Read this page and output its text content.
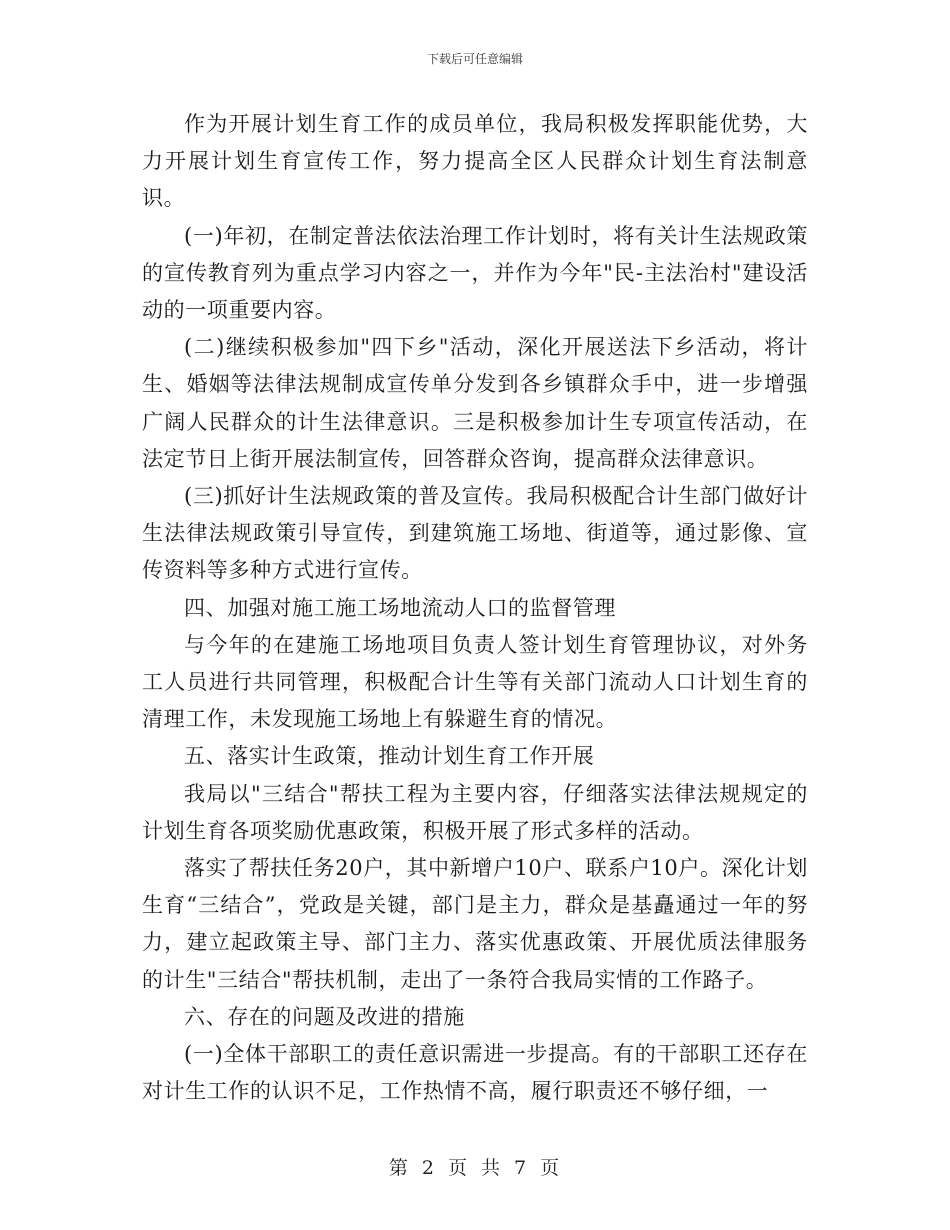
下载后可任意编辑

作为开展计划生育工作的成员单位，我局积极发挥职能优势，大力开展计划生育宣传工作，努力提高全区人民群众计划生育法制意识。

(一)年初，在制定普法依法治理工作计划时，将有关计生法规政策的宣传教育列为重点学习内容之一，并作为今年"民-主法治村"建设活动的一项重要内容。

(二)继续积极参加"四下乡"活动，深化开展送法下乡活动，将计生、婚姻等法律法规制成宣传单分发到各乡镇群众手中，进一步增强广阔人民群众的计生法律意识。三是积极参加计生专项宣传活动，在法定节日上街开展法制宣传，回答群众咨询，提高群众法律意识。

(三)抓好计生法规政策的普及宣传。我局积极配合计生部门做好计生法律法规政策引导宣传，到建筑施工场地、街道等，通过影像、宣传资料等多种方式进行宣传。

四、加强对施工施工场地流动人口的监督管理

与今年的在建施工场地项目负责人签计划生育管理协议，对外务工人员进行共同管理，积极配合计生等有关部门流动人口计划生育的清理工作，未发现施工场地上有躲避生育的情况。

五、落实计生政策，推动计划生育工作开展

我局以"三结合"帮扶工程为主要内容，仔细落实法律法规规定的计划生育各项奖励优惠政策，积极开展了形式多样的活动。

落实了帮扶任务20户，其中新增户10户、联系户10户。深化计划生育“三结合”，党政是关键，部门是主力，群众是基矗通过一年的努力，建立起政策主导、部门主力、落实优惠政策、开展优质法律服务的计生"三结合"帮扶机制，走出了一条符合我局实情的工作路子。

六、存在的问题及改进的措施

(一)全体干部职工的责任意识需进一步提高。有的干部职工还存在对计生工作的认识不足，工作热情不高，履行职责还不够仔细，一

第 2 页 共 7 页
